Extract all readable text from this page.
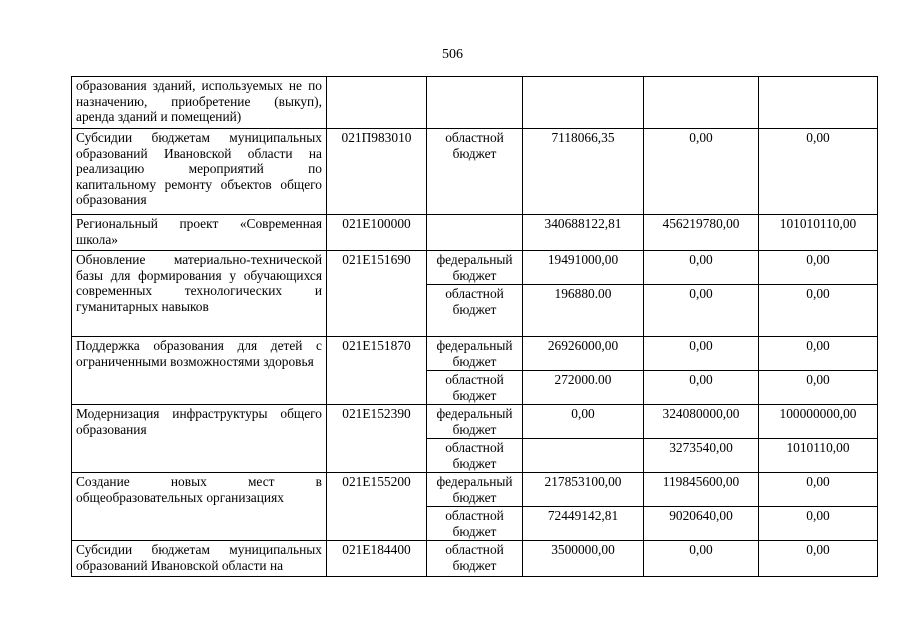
506
образования зданий, используемых не по назначению, приобретение (выкуп), аренда зданий и помещений)					
Субсидии бюджетам муниципальных образований Ивановской области на реализацию мероприятий по капитальному ремонту объектов общего образования	021П983010	областной бюджет	7118066,35	0,00	0,00
Региональный проект «Современная школа»	021E100000		340688122,81	456219780,00	101010110,00
Обновление материально-технической базы для формирования у обучающихся современных технологических и гуманитарных навыков	021E151690	федеральный бюджет	19491000,00	0,00	0,00
		областной бюджет	196880.00	0,00	0,00
Поддержка образования для детей с ограниченными возможностями здоровья	021E151870	федеральный бюджет	26926000,00	0,00	0,00
		областной бюджет	272000.00	0,00	0,00
Модернизация инфраструктуры общего образования	021E152390	федеральный бюджет	0,00	324080000,00	100000000,00
		областной бюджет		3273540,00	1010110,00
Создание новых мест в общеобразовательных организациях	021E155200	федеральный бюджет	217853100,00	119845600,00	0,00
		областной бюджет	72449142,81	9020640,00	0,00
Субсидии бюджетам муниципальных образований Ивановской области на	021E184400	областной бюджет	3500000,00	0,00	0,00
